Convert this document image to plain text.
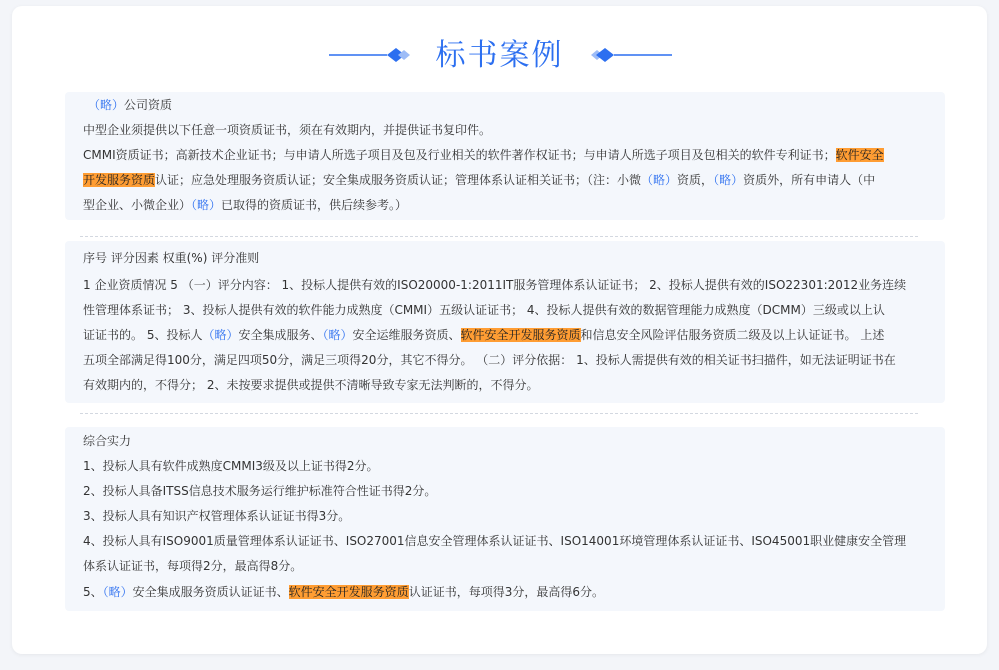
标书案例
（略）公司资质
中型企业须提供以下任意一项资质证书，须在有效期内，并提供证书复印件。
CMMI资质证书；高新技术企业证书；与申请人所选子项目及包及行业相关的软件著作权证书；与申请人所选子项目及包相关的软件专利证书；软件安全
开发服务资质认证；应急处理服务资质认证；安全集成服务资质认证；管理体系认证相关证书；（注：小微（略）资质，（略）资质外，所有申请人（中
型企业、小微企业）（略）已取得的资质证书，供后续参考。）
序号 评分因素 权重(%) 评分准则
1 企业资质情况 5 （一）评分内容： 1、投标人提供有效的ISO20000-1:2011IT服务管理体系认证证书； 2、投标人提供有效的ISO22301:2012业务连续
性管理体系证书； 3、投标人提供有效的软件能力成熟度（CMMI）五级认证证书； 4、投标人提供有效的数据管理能力成熟度（DCMM）三级或以上认
证证书的。 5、投标人（略）安全集成服务、（略）安全运维服务资质、软件安全开发服务资质和信息安全风险评估服务资质二级及以上认证证书。 上述
五项全部满足得100分，满足四项50分，满足三项得20分，其它不得分。 （二）评分依据： 1、投标人需提供有效的相关证书扫描件，如无法证明证书在
有效期内的，不得分； 2、未按要求提供或提供不清晰导致专家无法判断的，不得分。
综合实力
1、投标人具有软件成熟度CMMI3级及以上证书得2分。
2、投标人具备ITSS信息技术服务运行维护标准符合性证书得2分。
3、投标人具有知识产权管理体系认证证书得3分。
4、投标人具有ISO9001质量管理体系认证证书、ISO27001信息安全管理体系认证证书、ISO14001环境管理体系认证证书、ISO45001职业健康安全管理
体系认证证书，每项得2分，最高得8分。
5、（略）安全集成服务资质认证证书、软件安全开发服务资质认证证书，每项得3分，最高得6分。
